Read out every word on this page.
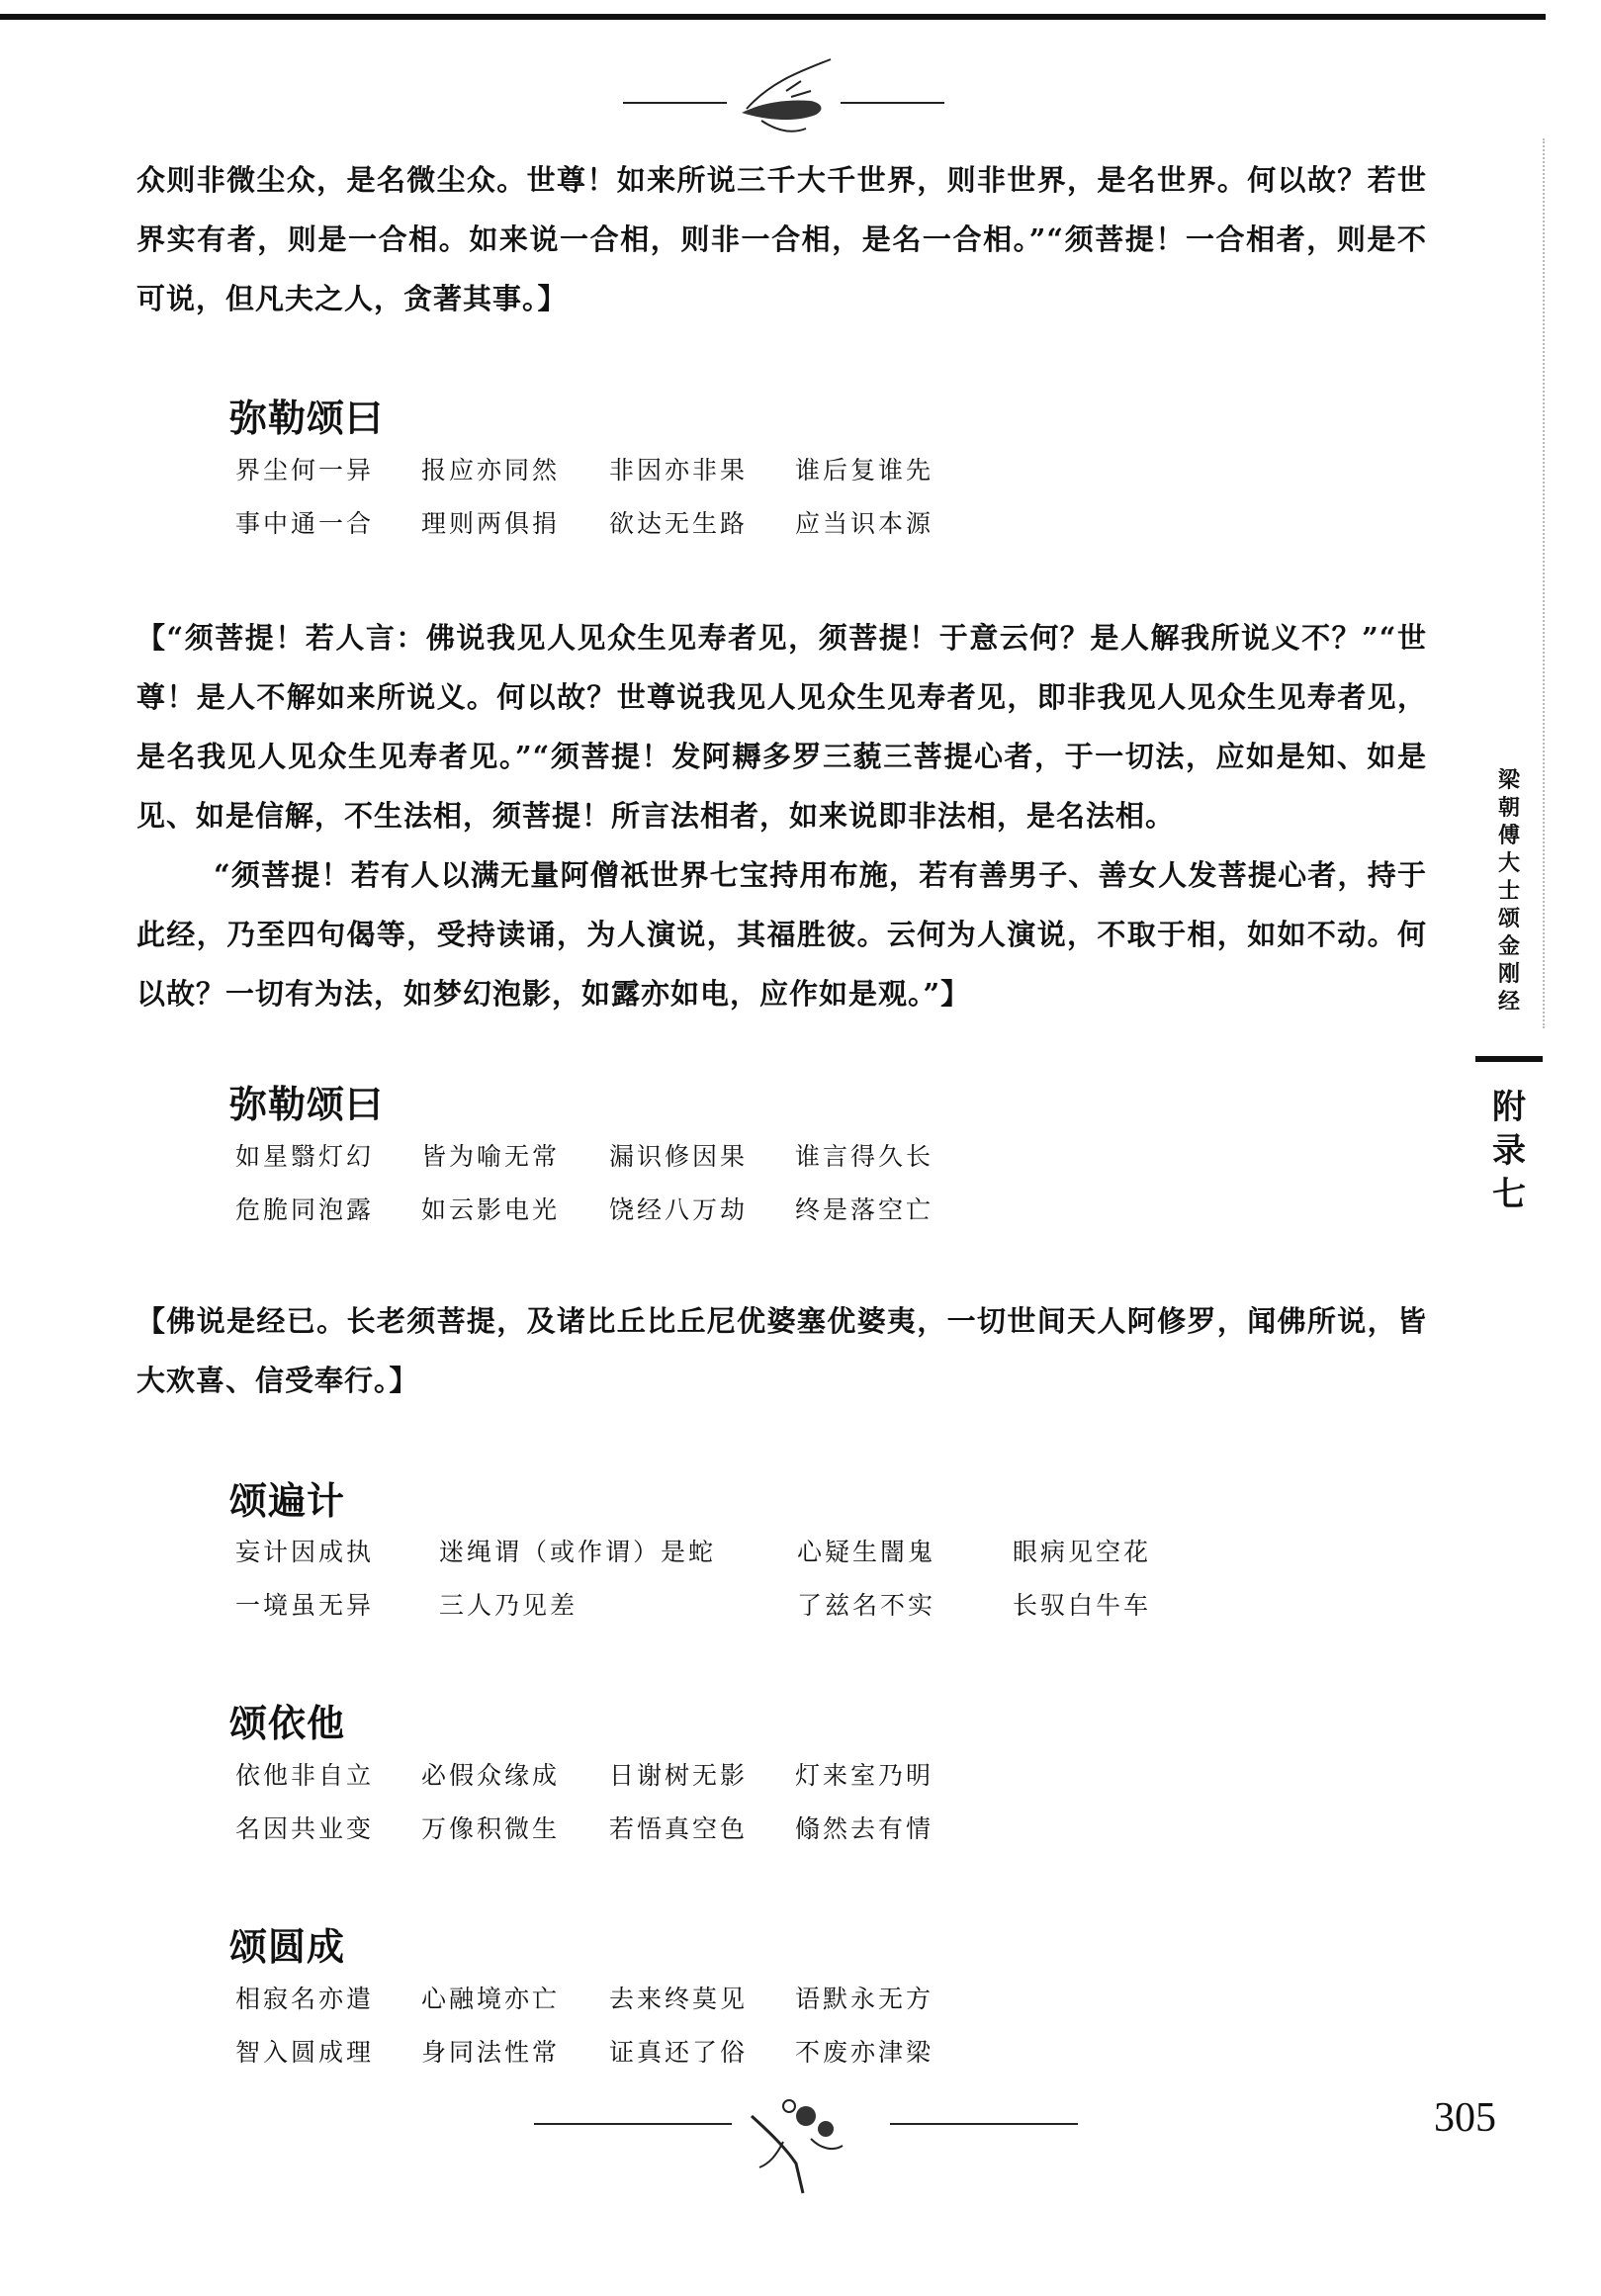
众则非微尘众，是名微尘众。世尊！如来所说三千大千世界，则非世界，是名世界。何以故？若世界实有者，则是一合相。如来说一合相，则非一合相，是名一合相。”“须菩提！一合相者，则是不可说，但凡夫之人，贪著其事。】
弥勒颂曰
界尘何一异 报应亦同然 非因亦非果 谁后复谁先
事中通一合 理则两俱捐 欲达无生路 应当识本源
【“须菩提！若人言：佛说我见人见众生见寿者见，须菩提！于意云何？是人解我所说义不？”“世尊！是人不解如来所说义。何以故？世尊说我见人见众生见寿者见，即非我见人见众生见寿者见，是名我见人见众生见寿者见。”“须菩提！发阿耨多罗三藐三菩提心者，于一切法，应如是知、如是见、如是信解，不生法相，须菩提！所言法相者，如来说即非法相，是名法相。
“须菩提！若有人以满无量阿僧祇世界七宝持用布施，若有善男子、善女人发菩提心者，持于此经，乃至四句偈等，受持读诵，为人演说，其福胜彼。云何为人演说，不取于相，如如不动。何以故？一切有为法，如梦幻泡影，如露亦如电，应作如是观。”】
弥勒颂曰
如星翳灯幻 皆为喻无常 漏识修因果 谁言得久长
危脆同泡露 如云影电光 饶经八万劫 终是落空亡
【佛说是经已。长老须菩提，及诸比丘比丘尼优婆塞优婆夷，一切世间天人阿修罗，闻佛所说，皆大欢喜、信受奉行。】
颂遍计
妄计因成执	迷绳谓（或作谓）是蛇	心疑生闇鬼	眼病见空花
一境虽无异	三人乃见差	了兹名不实	长驭白牛车
颂依他
依他非自立 必假众缘成 日谢树无影 灯来室乃明
名因共业变 万像积微生 若悟真空色 翛然去有情
颂圆成
相寂名亦遣 心融境亦亡 去来终莫见 语默永无方
智入圆成理 身同法性常 证真还了俗 不废亦津梁
梁朝傅大士颂金刚经
附录七
305
